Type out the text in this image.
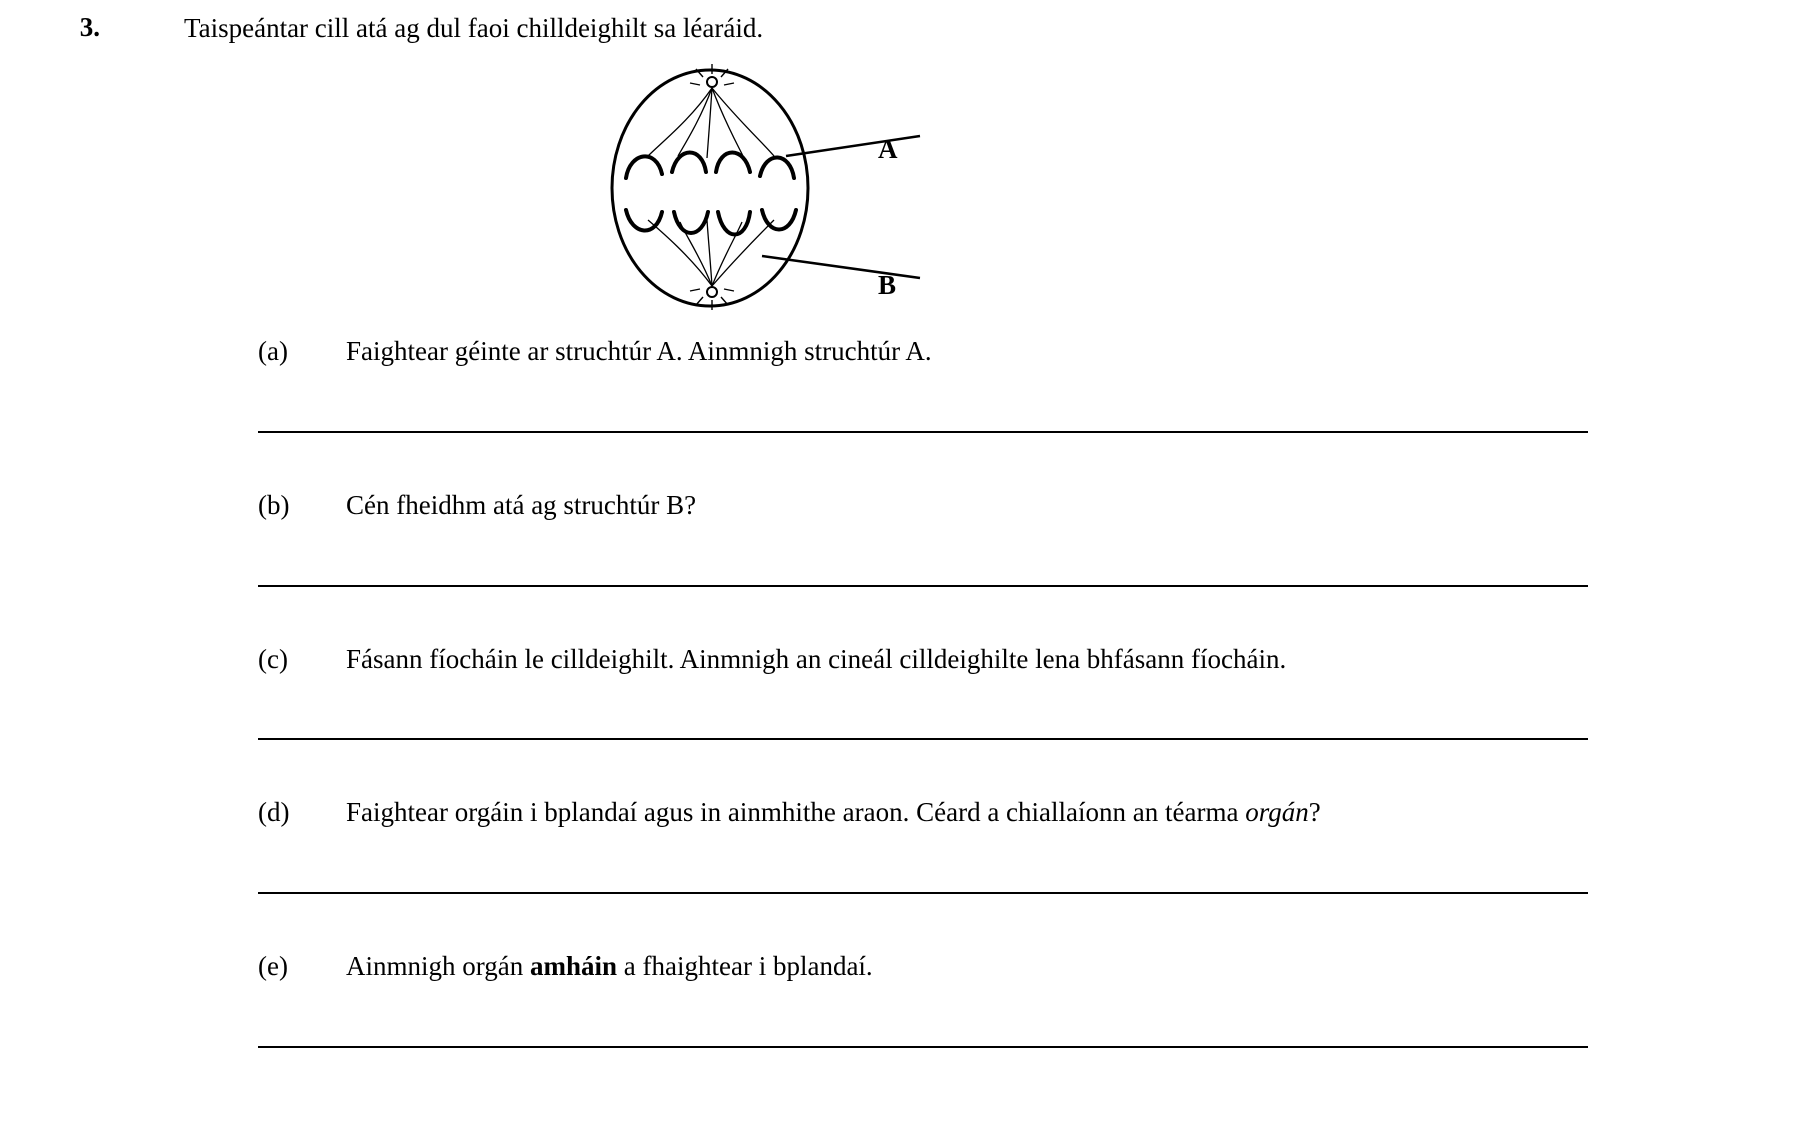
3.	Taispeántar cill atá ag dul faoi chilldeighilt sa léaráid.
A
B
(a)	Faightear géinte ar struchtúr A. Ainmnigh struchtúr A.
(b)	Cén fheidhm atá ag struchtúr B?
(c)	Fásann fíocháin le cilldeighilt. Ainmnigh an cineál cilldeighilte lena bhfásann fíocháin.
(d)	Faightear orgáin i bplandaí agus in ainmhithe araon. Céard a chiallaíonn an téarma orgán?
(e)	Ainmnigh orgán amháin a fhaightear i bplandaí.
